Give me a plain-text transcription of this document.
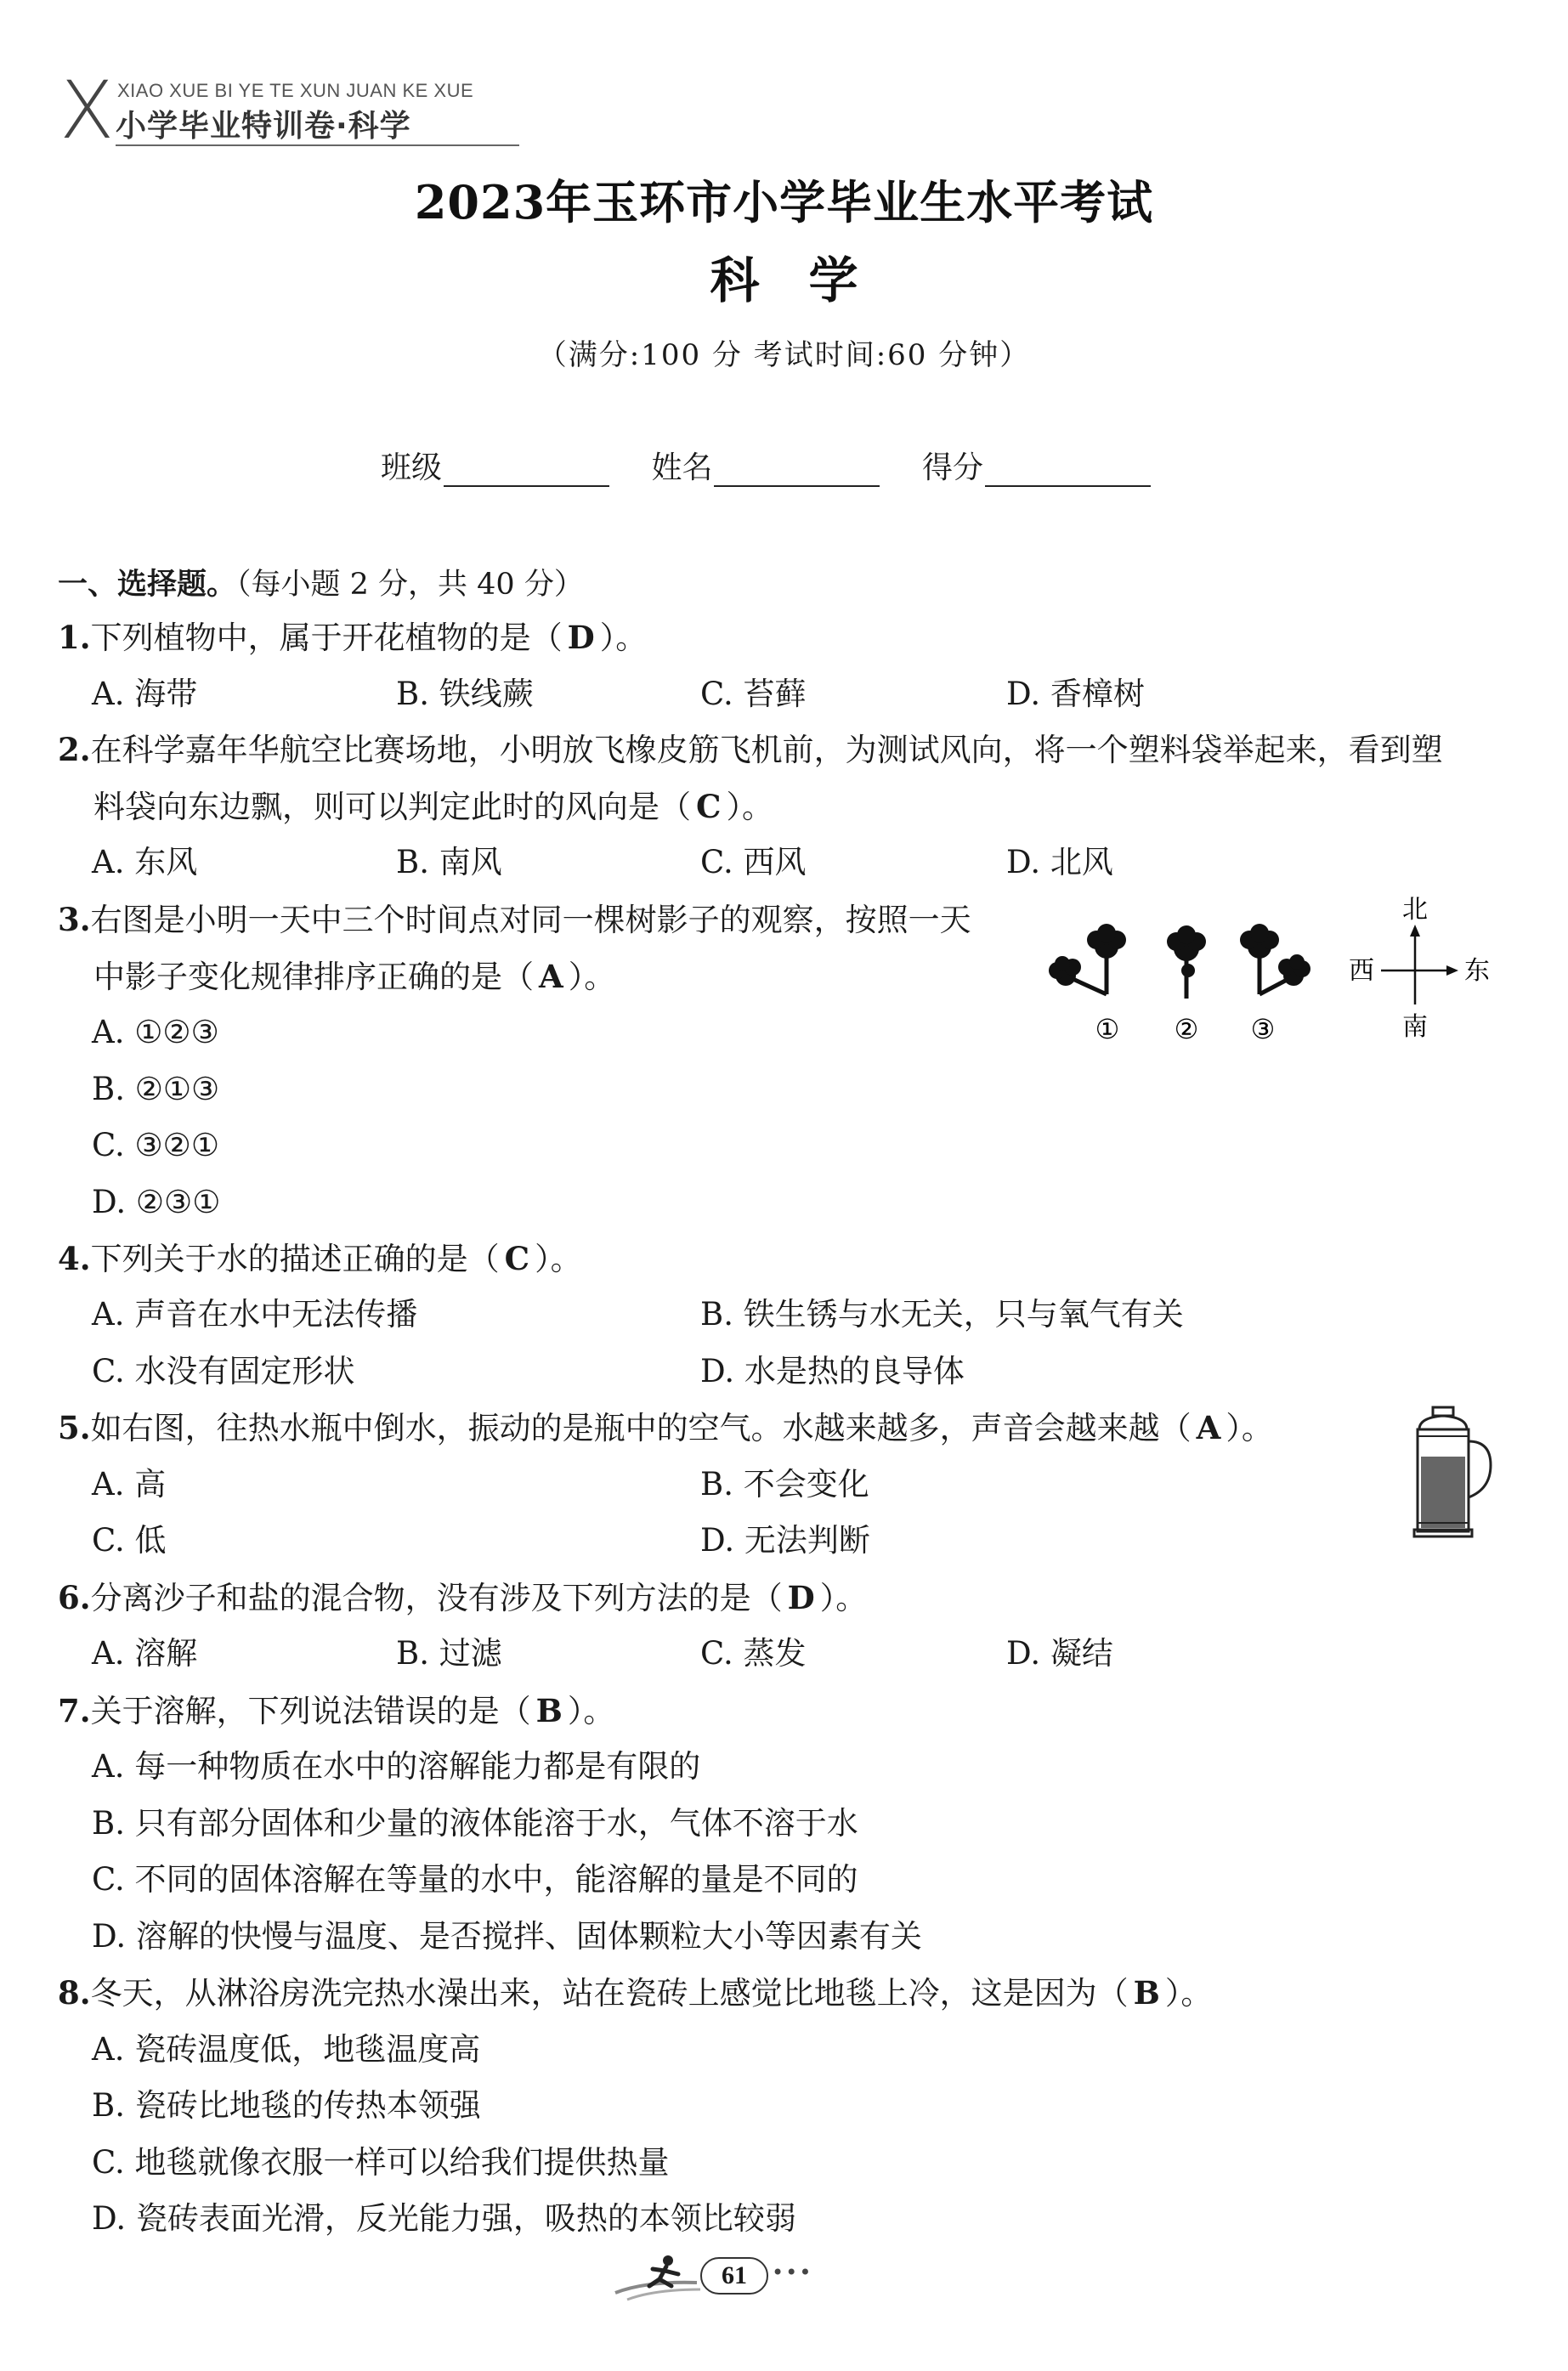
X XIAO XUE BI YE TE XUN JUAN KE XUE
小学毕业特训卷·科学
2023年玉环市小学毕业生水平考试
科学
（满分:100 分 考试时间:60 分钟）
班级	姓名	得分
一、选择题。（每小题 2 分，共 40 分）
1.下列植物中，属于开花植物的是（ D ）。
A. 海带	B. 铁线蕨	C. 苔藓	D. 香樟树
2.在科学嘉年华航空比赛场地，小明放飞橡皮筋飞机前，为测试风向，将一个塑料袋举起来，看到塑
料袋向东边飘，则可以判定此时的风向是（ C ）。
A. 东风	B. 南风	C. 西风	D. 北风
3.右图是小明一天中三个时间点对同一棵树影子的观察，按照一天
中影子变化规律排序正确的是（ A ）。
A. ①②③
B. ②①③
C. ③②①
D. ②③①
① ② ③
北
南
西	东
4.下列关于水的描述正确的是（ C ）。
A. 声音在水中无法传播	B. 铁生锈与水无关，只与氧气有关
C. 水没有固定形状	D. 水是热的良导体
5.如右图，往热水瓶中倒水，振动的是瓶中的空气。水越来越多，声音会越来越（ A ）。
A. 高	B. 不会变化
C. 低	D. 无法判断
6.分离沙子和盐的混合物，没有涉及下列方法的是（ D ）。
A. 溶解	B. 过滤	C. 蒸发	D. 凝结
7.关于溶解，下列说法错误的是（ B ）。
A. 每一种物质在水中的溶解能力都是有限的
B. 只有部分固体和少量的液体能溶于水，气体不溶于水
C. 不同的固体溶解在等量的水中，能溶解的量是不同的
D. 溶解的快慢与温度、是否搅拌、固体颗粒大小等因素有关
8.冬天，从淋浴房洗完热水澡出来，站在瓷砖上感觉比地毯上冷，这是因为（ B ）。
A. 瓷砖温度低，地毯温度高
B. 瓷砖比地毯的传热本领强
C. 地毯就像衣服一样可以给我们提供热量
D. 瓷砖表面光滑，反光能力强，吸热的本领比较弱
61	•••
